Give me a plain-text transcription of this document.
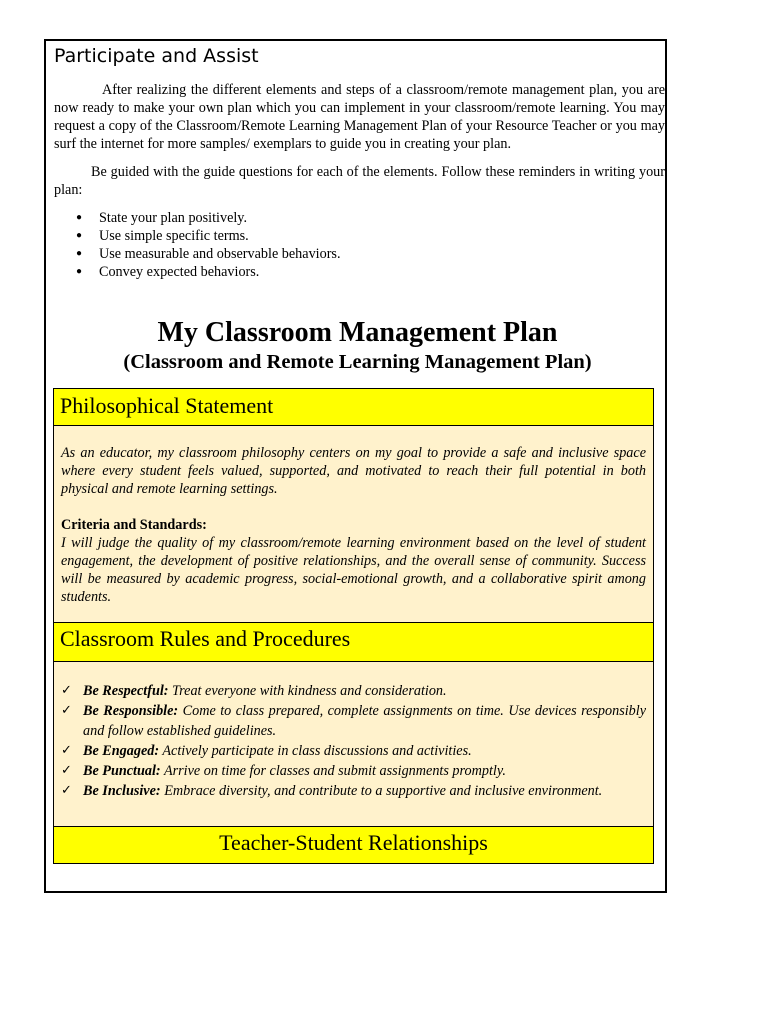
Participate and Assist

After realizing the different elements and steps of a classroom/remote management plan, you are now ready to make your own plan which you can implement in your classroom/remote learning. You may request a copy of the Classroom/Remote Learning Management Plan of your Resource Teacher or you may surf the internet for more samples/ exemplars to guide you in creating your plan.

Be guided with the guide questions for each of the elements. Follow these reminders in writing your plan:

● State your plan positively.
● Use simple specific terms.
● Use measurable and observable behaviors.
● Convey expected behaviors.
My Classroom Management Plan
(Classroom and Remote Learning Management Plan)
Philosophical Statement
As an educator, my classroom philosophy centers on my goal to provide a safe and inclusive space where every student feels valued, supported, and motivated to reach their full potential in both physical and remote learning settings.
Criteria and Standards:
I will judge the quality of my classroom/remote learning environment based on the level of student engagement, the development of positive relationships, and the overall sense of community. Success will be measured by academic progress, social-emotional growth, and a collaborative spirit among students.
Classroom Rules and Procedures
✓ Be Respectful: Treat everyone with kindness and consideration.
✓ Be Responsible: Come to class prepared, complete assignments on time. Use devices responsibly and follow established guidelines.
✓ Be Engaged: Actively participate in class discussions and activities.
✓ Be Punctual: Arrive on time for classes and submit assignments promptly.
✓ Be Inclusive: Embrace diversity, and contribute to a supportive and inclusive environment.
Teacher-Student Relationships
